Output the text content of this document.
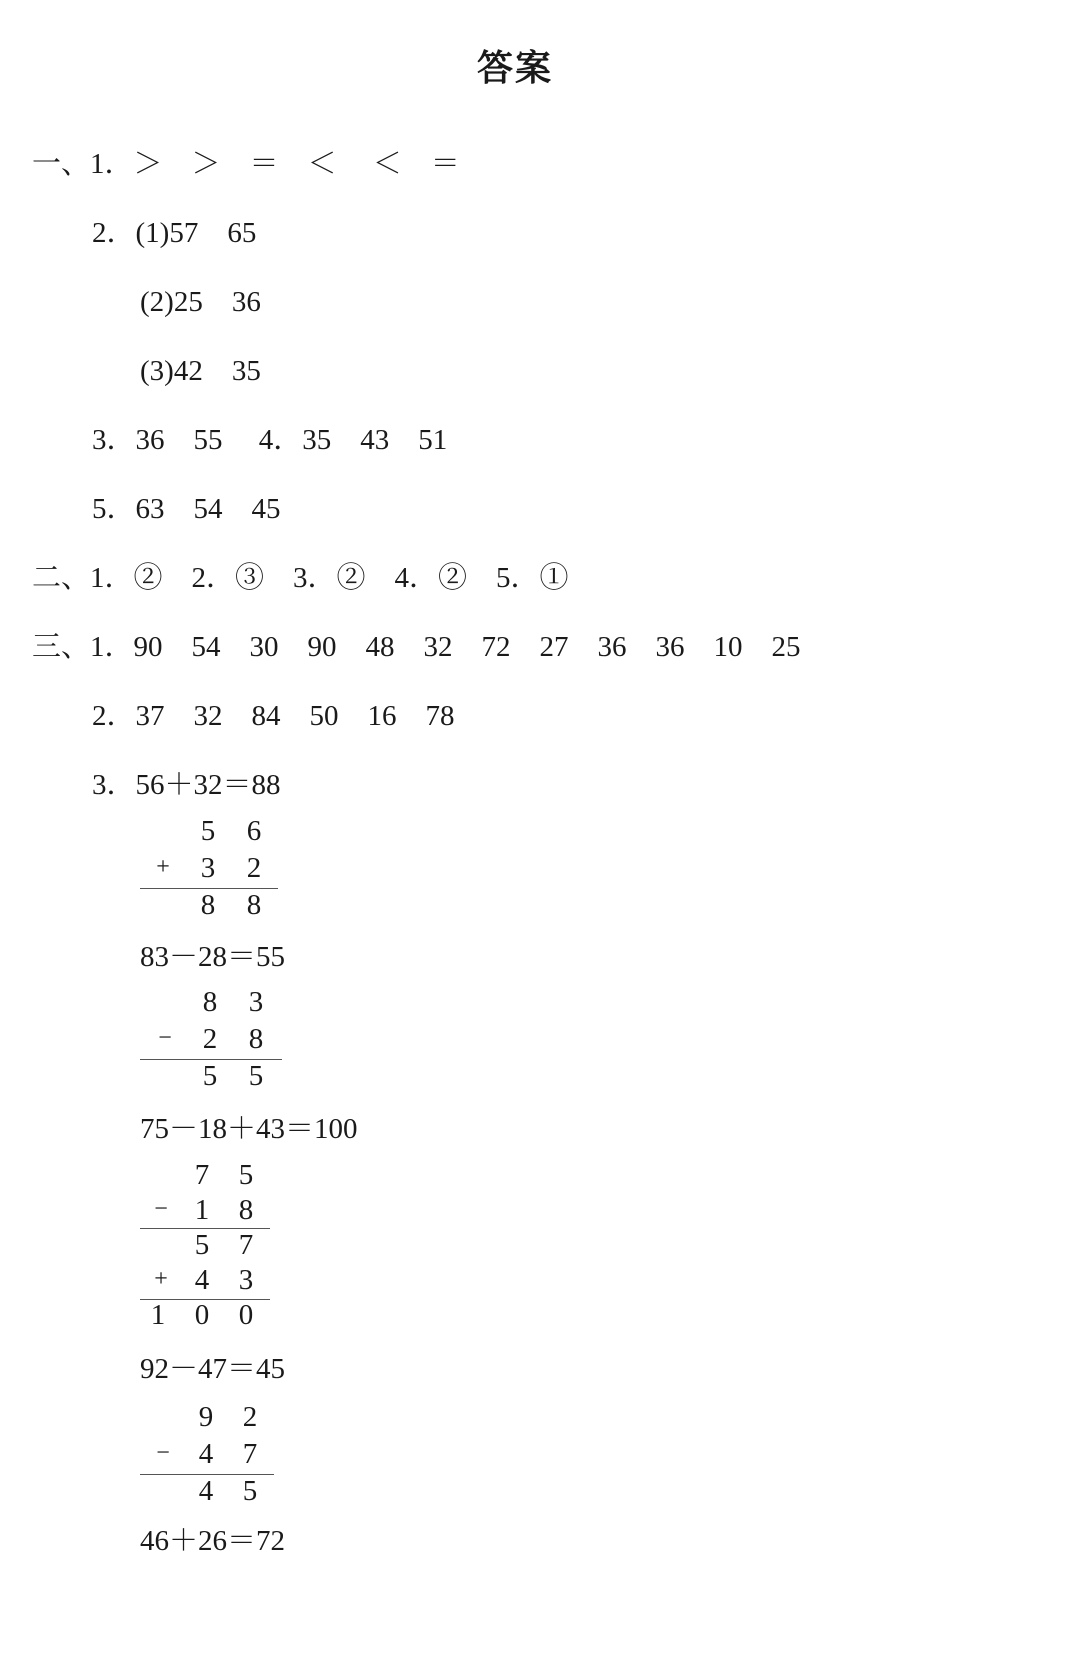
答案
一、1．＞　＞　＝　＜　 ＜　＝
2．(1)57　65
(2)25　36
(3)42　35
3．36　55　 4．35　43　51
5．63　54　45
二、1．②　2．③　3．②　4．②　5．①
三、1．90　54　30　90　48　32　72　27　36　36　10　25
2．37　32　84　50　16　78
3．56＋32＝88
5	6
+	3	2
8	8
83－28＝55
8	3
−	2	8
5	5
75－18＋43＝100
7	5
− 1	8
5	7
+ 4	3
1	0	0
92－47＝45
9	2
− 4	7
4	5
46＋26＝72
